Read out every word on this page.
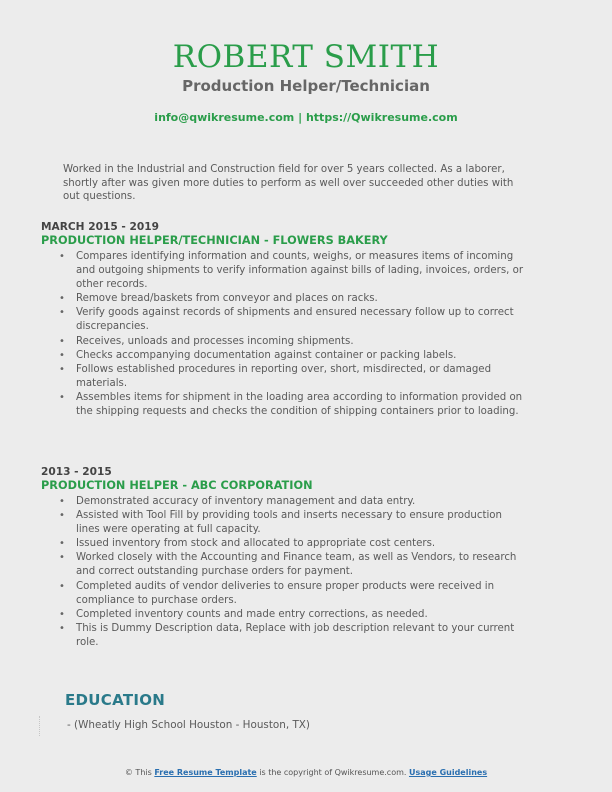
ROBERT SMITH
Production Helper/Technician
info@qwikresume.com | https://Qwikresume.com
Worked in the Industrial and Construction field for over 5 years collected. As a laborer, shortly after was given more duties to perform as well over succeeded other duties with out questions.
MARCH 2015 - 2019
PRODUCTION HELPER/TECHNICIAN - FLOWERS BAKERY
• Compares identifying information and counts, weighs, or measures items of incoming and outgoing shipments to verify information against bills of lading, invoices, orders, or other records.
• Remove bread/baskets from conveyor and places on racks.
• Verify goods against records of shipments and ensured necessary follow up to correct discrepancies.
• Receives, unloads and processes incoming shipments.
• Checks accompanying documentation against container or packing labels.
• Follows established procedures in reporting over, short, misdirected, or damaged materials.
• Assembles items for shipment in the loading area according to information provided on the shipping requests and checks the condition of shipping containers prior to loading.
2013 - 2015
PRODUCTION HELPER - ABC CORPORATION
• Demonstrated accuracy of inventory management and data entry.
• Assisted with Tool Fill by providing tools and inserts necessary to ensure production lines were operating at full capacity.
• Issued inventory from stock and allocated to appropriate cost centers.
• Worked closely with the Accounting and Finance team, as well as Vendors, to research and correct outstanding purchase orders for payment.
• Completed audits of vendor deliveries to ensure proper products were received in compliance to purchase orders.
• Completed inventory counts and made entry corrections, as needed.
• This is Dummy Description data, Replace with job description relevant to your current role.
EDUCATION
- (Wheatly High School Houston - Houston, TX)
© This Free Resume Template is the copyright of Qwikresume.com. Usage Guidelines
